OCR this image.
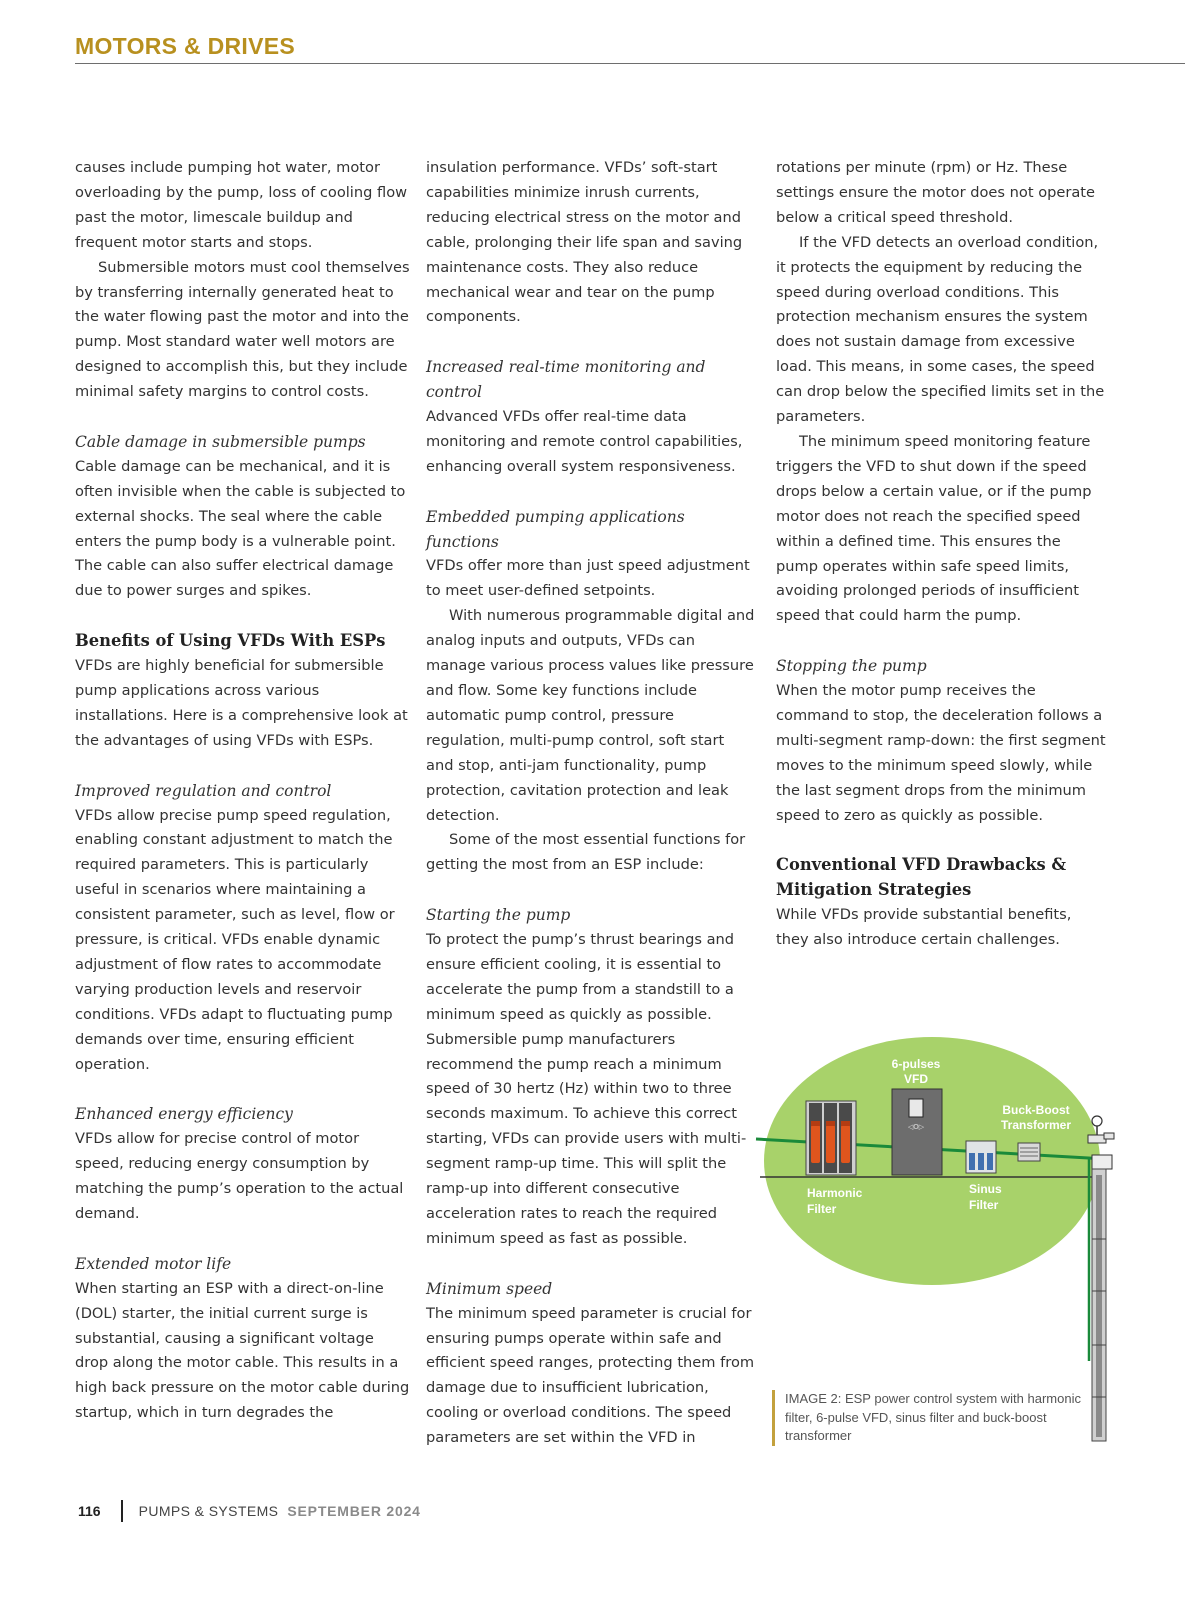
MOTORS & DRIVES

causes include pumping hot water, motor overloading by the pump, loss of cooling flow past the motor, limescale buildup and frequent motor starts and stops.

Submersible motors must cool themselves by transferring internally generated heat to the water flowing past the motor and into the pump. Most standard water well motors are designed to accomplish this, but they include minimal safety margins to control costs.

Cable damage in submersible pumps

Cable damage can be mechanical, and it is often invisible when the cable is subjected to external shocks. The seal where the cable enters the pump body is a vulnerable point. The cable can also suffer electrical damage due to power surges and spikes.

Benefits of Using VFDs With ESPs

VFDs are highly beneficial for submersible pump applications across various installations. Here is a comprehensive look at the advantages of using VFDs with ESPs.

Improved regulation and control

VFDs allow precise pump speed regulation, enabling constant adjustment to match the required parameters. This is particularly useful in scenarios where maintaining a consistent parameter, such as level, flow or pressure, is critical. VFDs enable dynamic adjustment of flow rates to accommodate varying production levels and reservoir conditions. VFDs adapt to fluctuating pump demands over time, ensuring efficient operation.

Enhanced energy efficiency

VFDs allow for precise control of motor speed, reducing energy consumption by matching the pump’s operation to the actual demand.

Extended motor life

When starting an ESP with a direct-on-line (DOL) starter, the initial current surge is substantial, causing a significant voltage drop along the motor cable. This results in a high back pressure on the motor cable during startup, which in turn degrades the

insulation performance. VFDs’ soft-start capabilities minimize inrush currents, reducing electrical stress on the motor and cable, prolonging their life span and saving maintenance costs. They also reduce mechanical wear and tear on the pump components.

Increased real-time monitoring and control

Advanced VFDs offer real-time data monitoring and remote control capabilities, enhancing overall system responsiveness.

Embedded pumping applications functions

VFDs offer more than just speed adjustment to meet user-defined setpoints.

With numerous programmable digital and analog inputs and outputs, VFDs can manage various process values like pressure and flow. Some key functions include automatic pump control, pressure regulation, multi-pump control, soft start and stop, anti-jam functionality, pump protection, cavitation protection and leak detection.

Some of the most essential functions for getting the most from an ESP include:

Starting the pump

To protect the pump’s thrust bearings and ensure efficient cooling, it is essential to accelerate the pump from a standstill to a minimum speed as quickly as possible. Submersible pump manufacturers recommend the pump reach a minimum speed of 30 hertz (Hz) within two to three seconds maximum. To achieve this correct starting, VFDs can provide users with multi-segment ramp-up time. This will split the ramp-up into different consecutive acceleration rates to reach the required minimum speed as fast as possible.

Minimum speed

The minimum speed parameter is crucial for ensuring pumps operate within safe and efficient speed ranges, protecting them from damage due to insufficient lubrication, cooling or overload conditions. The speed parameters are set within the VFD in

rotations per minute (rpm) or Hz. These settings ensure the motor does not operate below a critical speed threshold.

If the VFD detects an overload condition, it protects the equipment by reducing the speed during overload conditions. This protection mechanism ensures the system does not sustain damage from excessive load. This means, in some cases, the speed can drop below the specified limits set in the parameters.

The minimum speed monitoring feature triggers the VFD to shut down if the speed drops below a certain value, or if the pump motor does not reach the specified speed within a defined time. This ensures the pump operates within safe speed limits, avoiding prolonged periods of insufficient speed that could harm the pump.

Stopping the pump

When the motor pump receives the command to stop, the deceleration follows a multi-segment ramp-down: the first segment moves to the minimum speed slowly, while the last segment drops from the minimum speed to zero as quickly as possible.

Conventional VFD Drawbacks & Mitigation Strategies

While VFDs provide substantial benefits, they also introduce certain challenges.

◁O▷
6-pulses
VFD
Buck-Boost
Transformer
Harmonic
Filter
Sinus
Filter
IMAGE 2: ESP power control system with harmonic filter, 6-pulse VFD, sinus filter and buck-boost transformer
116	PUMPS & SYSTEMS SEPTEMBER 2024
